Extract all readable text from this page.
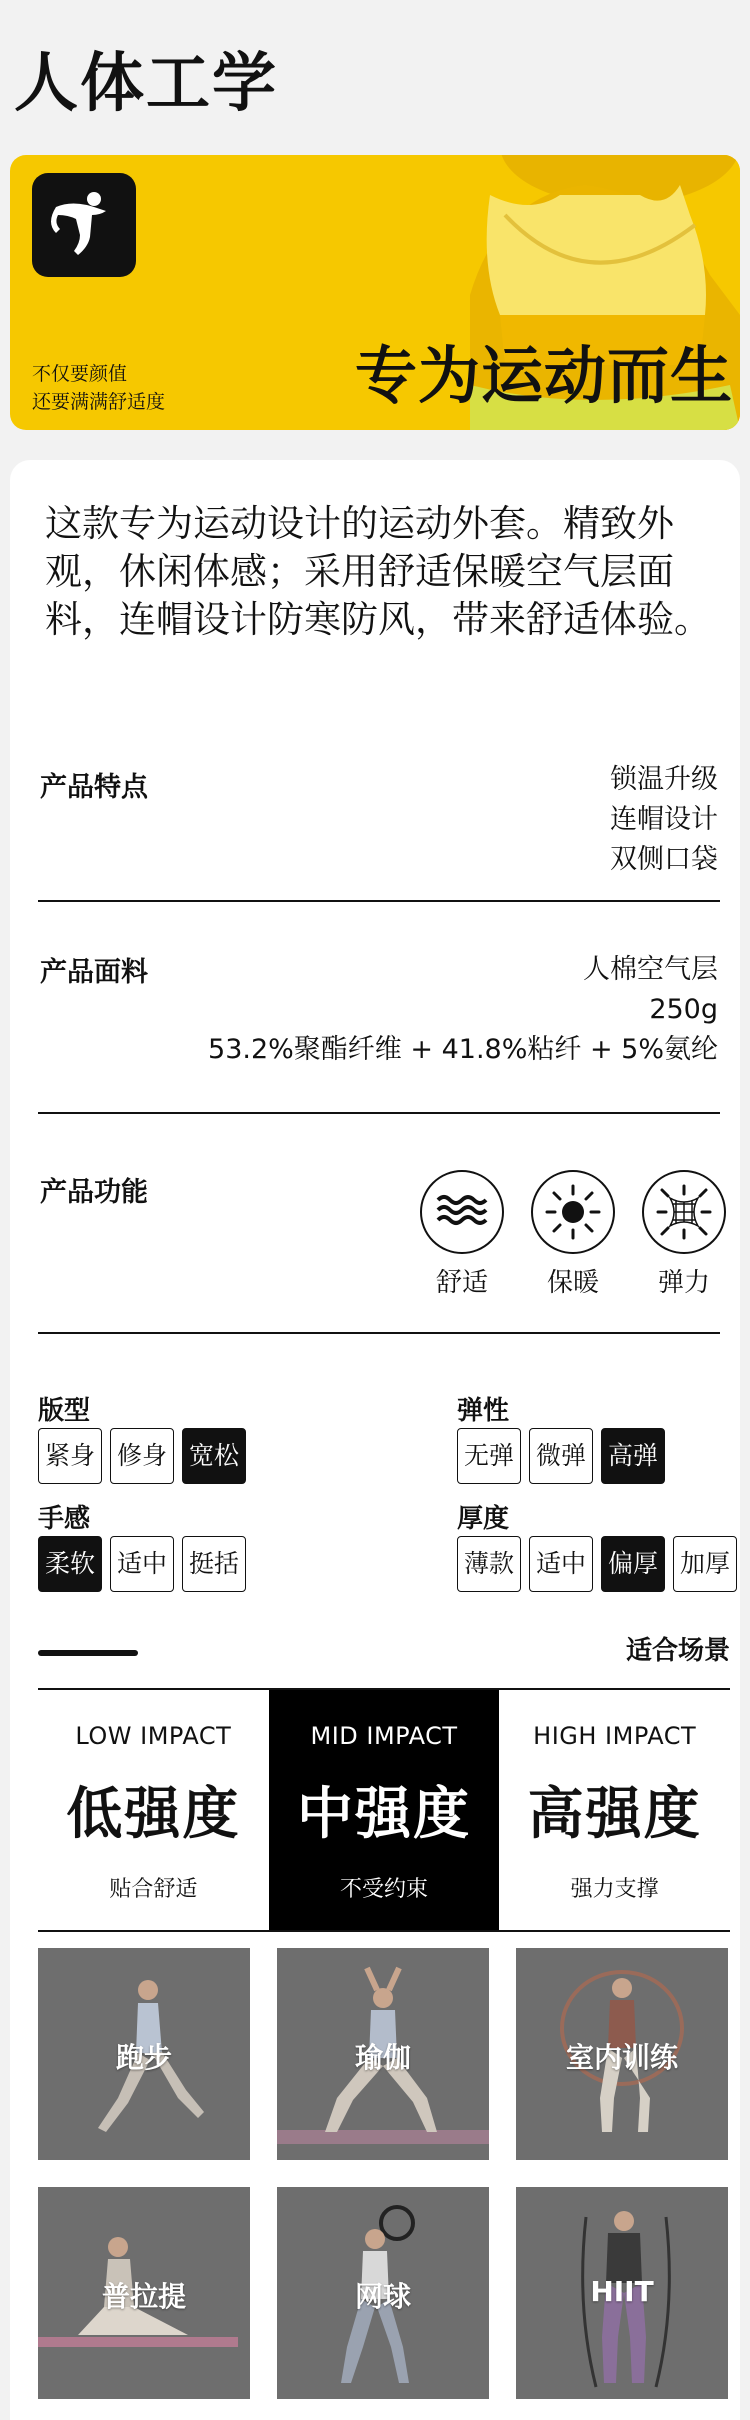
人体工学
不仅要颜值
还要满满舒适度	专为运动而生
这款专为运动设计的运动外套。精致外观，休闲体感；采用舒适保暖空气层面料，连帽设计防寒防风，带来舒适体验。
产品特点	锁温升级
连帽设计
双侧口袋
产品面料	人棉空气层
250g
53.2%聚酯纤维 + 41.8%粘纤 + 5%氨纶
产品功能
舒适	保暖	弹力
版型
紧身 修身 宽松
弹性
无弹 微弹 高弹
手感
柔软 适中 挺括
厚度
薄款 适中 偏厚 加厚
适合场景
LOW IMPACT
低强度
贴合舒适
MID IMPACT
中强度
不受约束
HIGH IMPACT
高强度
强力支撑
跑步	瑜伽	室内训练
普拉提	网球	HIIT
